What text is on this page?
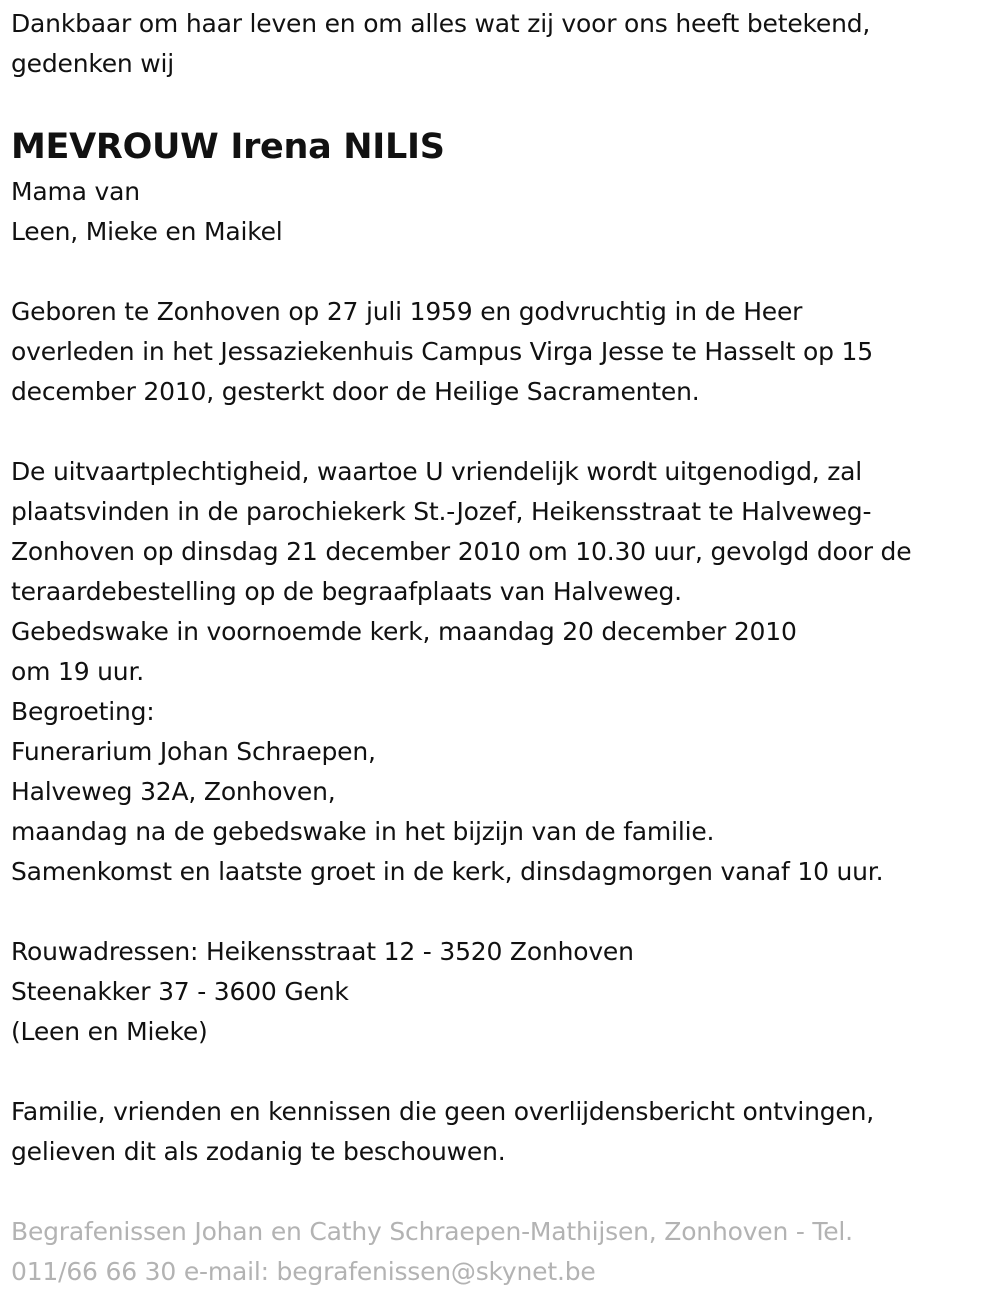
Dankbaar om haar leven en om alles wat zij voor ons heeft betekend,
gedenken wij
MEVROUW Irena NILIS
Mama van
Leen, Mieke en Maikel
Geboren te Zonhoven op 27 juli 1959 en godvruchtig in de Heer
overleden in het Jessaziekenhuis Campus Virga Jesse te Hasselt op 15
december 2010, gesterkt door de Heilige Sacramenten.
De uitvaartplechtigheid, waartoe U vriendelijk wordt uitgenodigd, zal
plaatsvinden in de parochiekerk St.-Jozef, Heikensstraat te Halveweg-
Zonhoven op dinsdag 21 december 2010 om 10.30 uur, gevolgd door de
teraardebestelling op de begraafplaats van Halveweg.
Gebedswake in voornoemde kerk, maandag 20 december 2010
om 19 uur.
Begroeting:
Funerarium Johan Schraepen,
Halveweg 32A, Zonhoven,
maandag na de gebedswake in het bijzijn van de familie.
Samenkomst en laatste groet in de kerk, dinsdagmorgen vanaf 10 uur.
Rouwadressen: Heikensstraat 12 - 3520 Zonhoven
Steenakker 37 - 3600 Genk
(Leen en Mieke)
Familie, vrienden en kennissen die geen overlijdensbericht ontvingen,
gelieven dit als zodanig te beschouwen.
Begrafenissen Johan en Cathy Schraepen-Mathijsen, Zonhoven - Tel.
011/66 66 30 e-mail: begrafenissen@skynet.be
